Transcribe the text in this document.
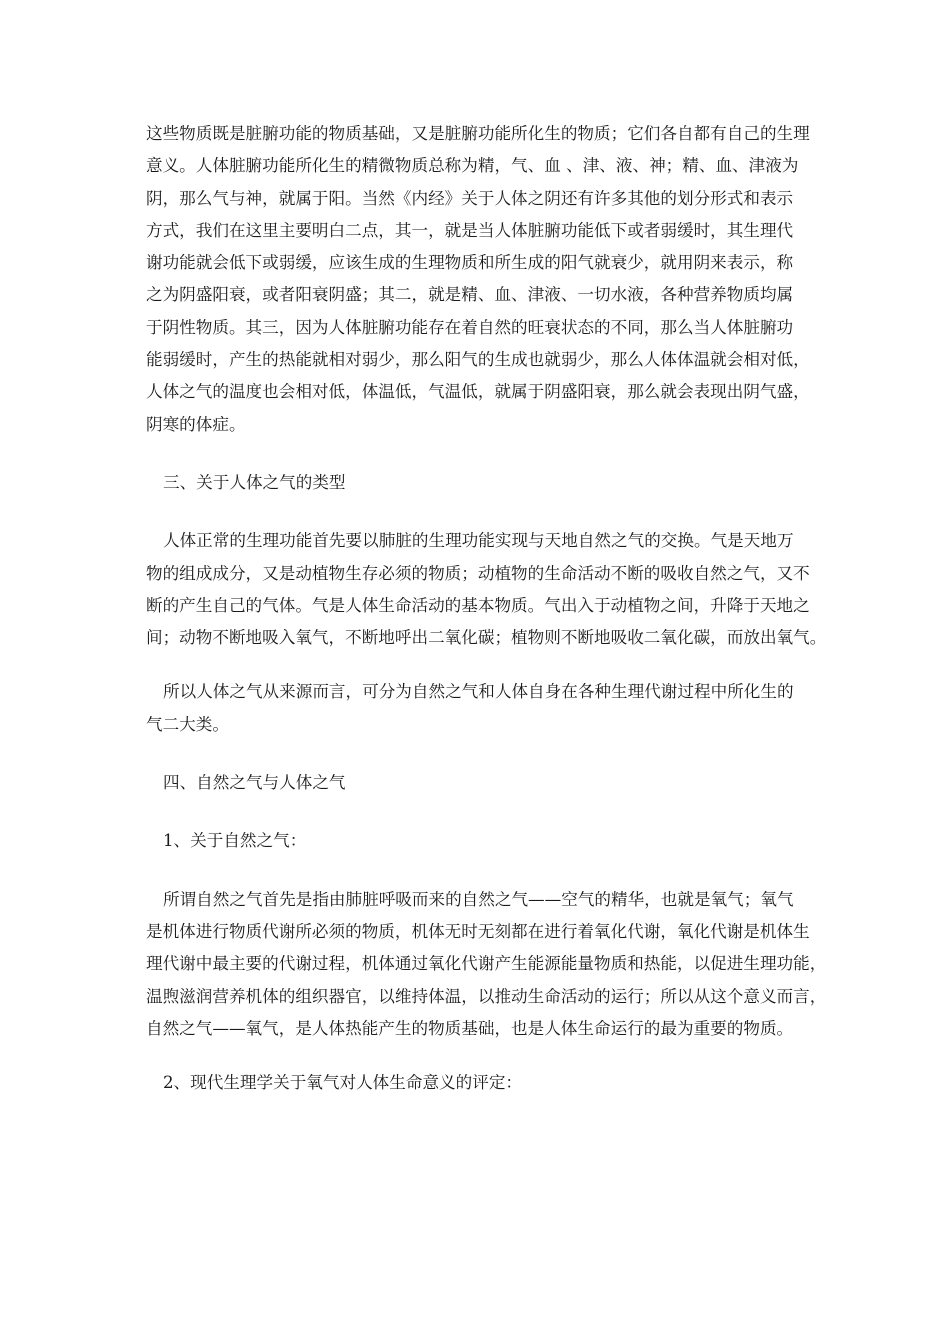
这些物质既是脏腑功能的物质基础，又是脏腑功能所化生的物质；它们各自都有自己的生理
意义。人体脏腑功能所化生的精微物质总称为精，气、血 、津、液、神；精、血、津液为
阴，那么气与神，就属于阳。当然《内经》关于人体之阴还有许多其他的划分形式和表示
方式，我们在这里主要明白二点，其一，就是当人体脏腑功能低下或者弱缓时，其生理代
谢功能就会低下或弱缓，应该生成的生理物质和所生成的阳气就衰少，就用阴来表示，称
之为阴盛阳衰，或者阳衰阴盛；其二，就是精、血、津液、一切水液，各种营养物质均属
于阴性物质。其三，因为人体脏腑功能存在着自然的旺衰状态的不同，那么当人体脏腑功
能弱缓时，产生的热能就相对弱少，那么阳气的生成也就弱少，那么人体体温就会相对低，
人体之气的温度也会相对低，体温低，气温低，就属于阴盛阳衰，那么就会表现出阴气盛，
阴寒的体症。

三、关于人体之气的类型

人体正常的生理功能首先要以肺脏的生理功能实现与天地自然之气的交换。气是天地万
物的组成成分，又是动植物生存必须的物质；动植物的生命活动不断的吸收自然之气，又不
断的产生自己的气体。气是人体生命活动的基本物质。气出入于动植物之间，升降于天地之
间；动物不断地吸入氧气，不断地呼出二氧化碳；植物则不断地吸收二氧化碳，而放出氧气。

所以人体之气从来源而言，可分为自然之气和人体自身在各种生理代谢过程中所化生的
气二大类。

四、自然之气与人体之气

1、关于自然之气：

所谓自然之气首先是指由肺脏呼吸而来的自然之气——空气的精华，也就是氧气；氧气
是机体进行物质代谢所必须的物质，机体无时无刻都在进行着氧化代谢，氧化代谢是机体生
理代谢中最主要的代谢过程，机体通过氧化代谢产生能源能量物质和热能，以促进生理功能，
温煦滋润营养机体的组织器官，以维持体温，以推动生命活动的运行；所以从这个意义而言，
自然之气——氧气，是人体热能产生的物质基础，也是人体生命运行的最为重要的物质。

2、现代生理学关于氧气对人体生命意义的评定：
